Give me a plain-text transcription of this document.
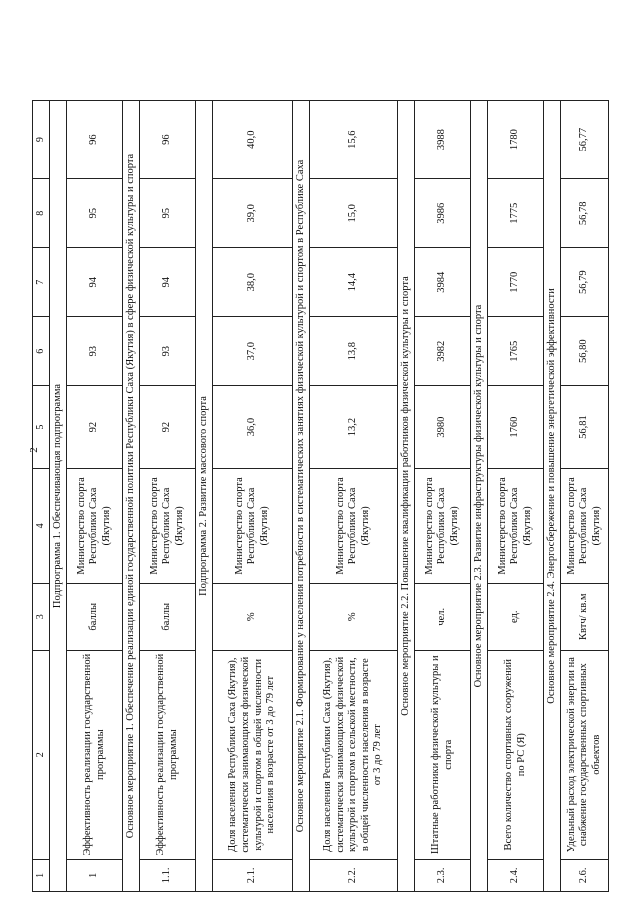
2
1	2	3	4	5	6	7	8	9
Подпрограмма 1. Обеспечивающая подпрограмма								
1	Эффективность реализации государственной программы	баллы	Министерство спорта Республики Саха (Якутия)	92	93	94	95	96
Основное мероприятие 1. Обеспечение реализации единой государственной политики Республики Саха (Якутия) в сфере физической культуры и спорта								
1.1.	Эффективность реализации государственной программы	баллы	Министерство спорта Республики Саха (Якутия)	92	93	94	95	96
Подпрограмма 2. Развитие массового спорта								
2.1.	Доля населения Республики Саха (Якутия), систематически занимающихся физической культурой и спортом в общей численности населения в возрасте от 3 до 79 лет	%	Министерство спорта Республики Саха (Якутия)	36,0	37,0	38,0	39,0	40,0
Основное мероприятие 2.1. Формирование у населения потребности в систематических занятиях физической культурой и спортом в Республике Саха								
2.2.	Доля населения Республики Саха (Якутия), систематически занимающихся физической культурой и спортом в сельской местности, в общей численности населения в возрасте от 3 до 79 лет	%	Министерство спорта Республики Саха (Якутия)	13,2	13,8	14,4	15,0	15,6
Основное мероприятие 2.2. Повышение квалификации работников физической культуры и спорта								
2.3.	Штатные работники физической культуры и спорта	чел.	Министерство спорта Республики Саха (Якутия)	3980	3982	3984	3986	3988
Основное мероприятие 2.3. Развитие инфраструктуры физической культуры и спорта								
2.4.	Всего количество спортивных сооружений по РС (Я)	ед.	Министерство спорта Республики Саха (Якутия)	1760	1765	1770	1775	1780
Основное мероприятие 2.4. Энергосбережение и повышение энергетической эффективности								
2.6.	Удельный расход электрической энергии на снабжение государственных спортивных объектов	Квтч/ кв.м	Министерство спорта Республики Саха (Якутия)	56,81	56,80	56,79	56,78	56,77
